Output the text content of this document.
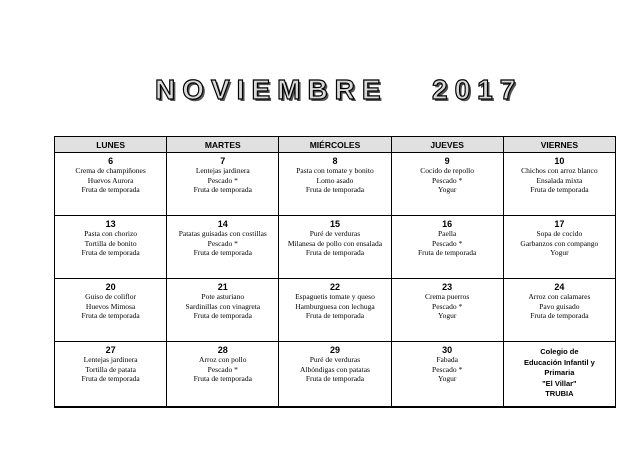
NOVIEMBRE 2017
LUNES	MARTES	MIÉRCOLES	JUEVES	VIERNES

6
Crema de champiñones
Huevos Aurora
Fruta de temporada	7
Lentejas jardinera
Pescado *
Fruta de temporada	8
Pasta con tomate y bonito
Lomo asado
Fruta de temporada	9
Cocido de repollo
Pescado *
Yogur	10
Chichos con arroz blanco
Ensalada mixta
Fruta de temporada

13
Pasta con chorizo
Tortilla de bonito
Fruta de temporada	14
Patatas guisadas con costillas
Pescado *
Fruta de temporada	15
Puré de verduras
Milanesa de pollo con ensalada
Fruta de temporada	16
Paella
Pescado *
Fruta de temporada	17
Sopa de cocido
Garbanzos con compango
Yogur

20
Guiso de coliflor
Huevos Mimosa
Fruta de temporada	21
Pote asturiano
Sardinillas con vinagreta
Fruta de temporada	22
Espaguetis tomate y queso
Hamburguesa con lechuga
Fruta de temporada	23
Crema puerros
Pescado *
Yogur	24
Arroz con calamares
Pavo guisado
Fruta de temporada

27
Lentejas jardinera
Tortilla de patata
Fruta de temporada	28
Arroz con pollo
Pescado *
Fruta de temporada	29
Puré de verduras
Albóndigas con patatas
Fruta de temporada	30
Fabada
Pescado *
Yogur	Colegio de
Educación Infantil y
Primaria
"El Villar"
TRUBIA
